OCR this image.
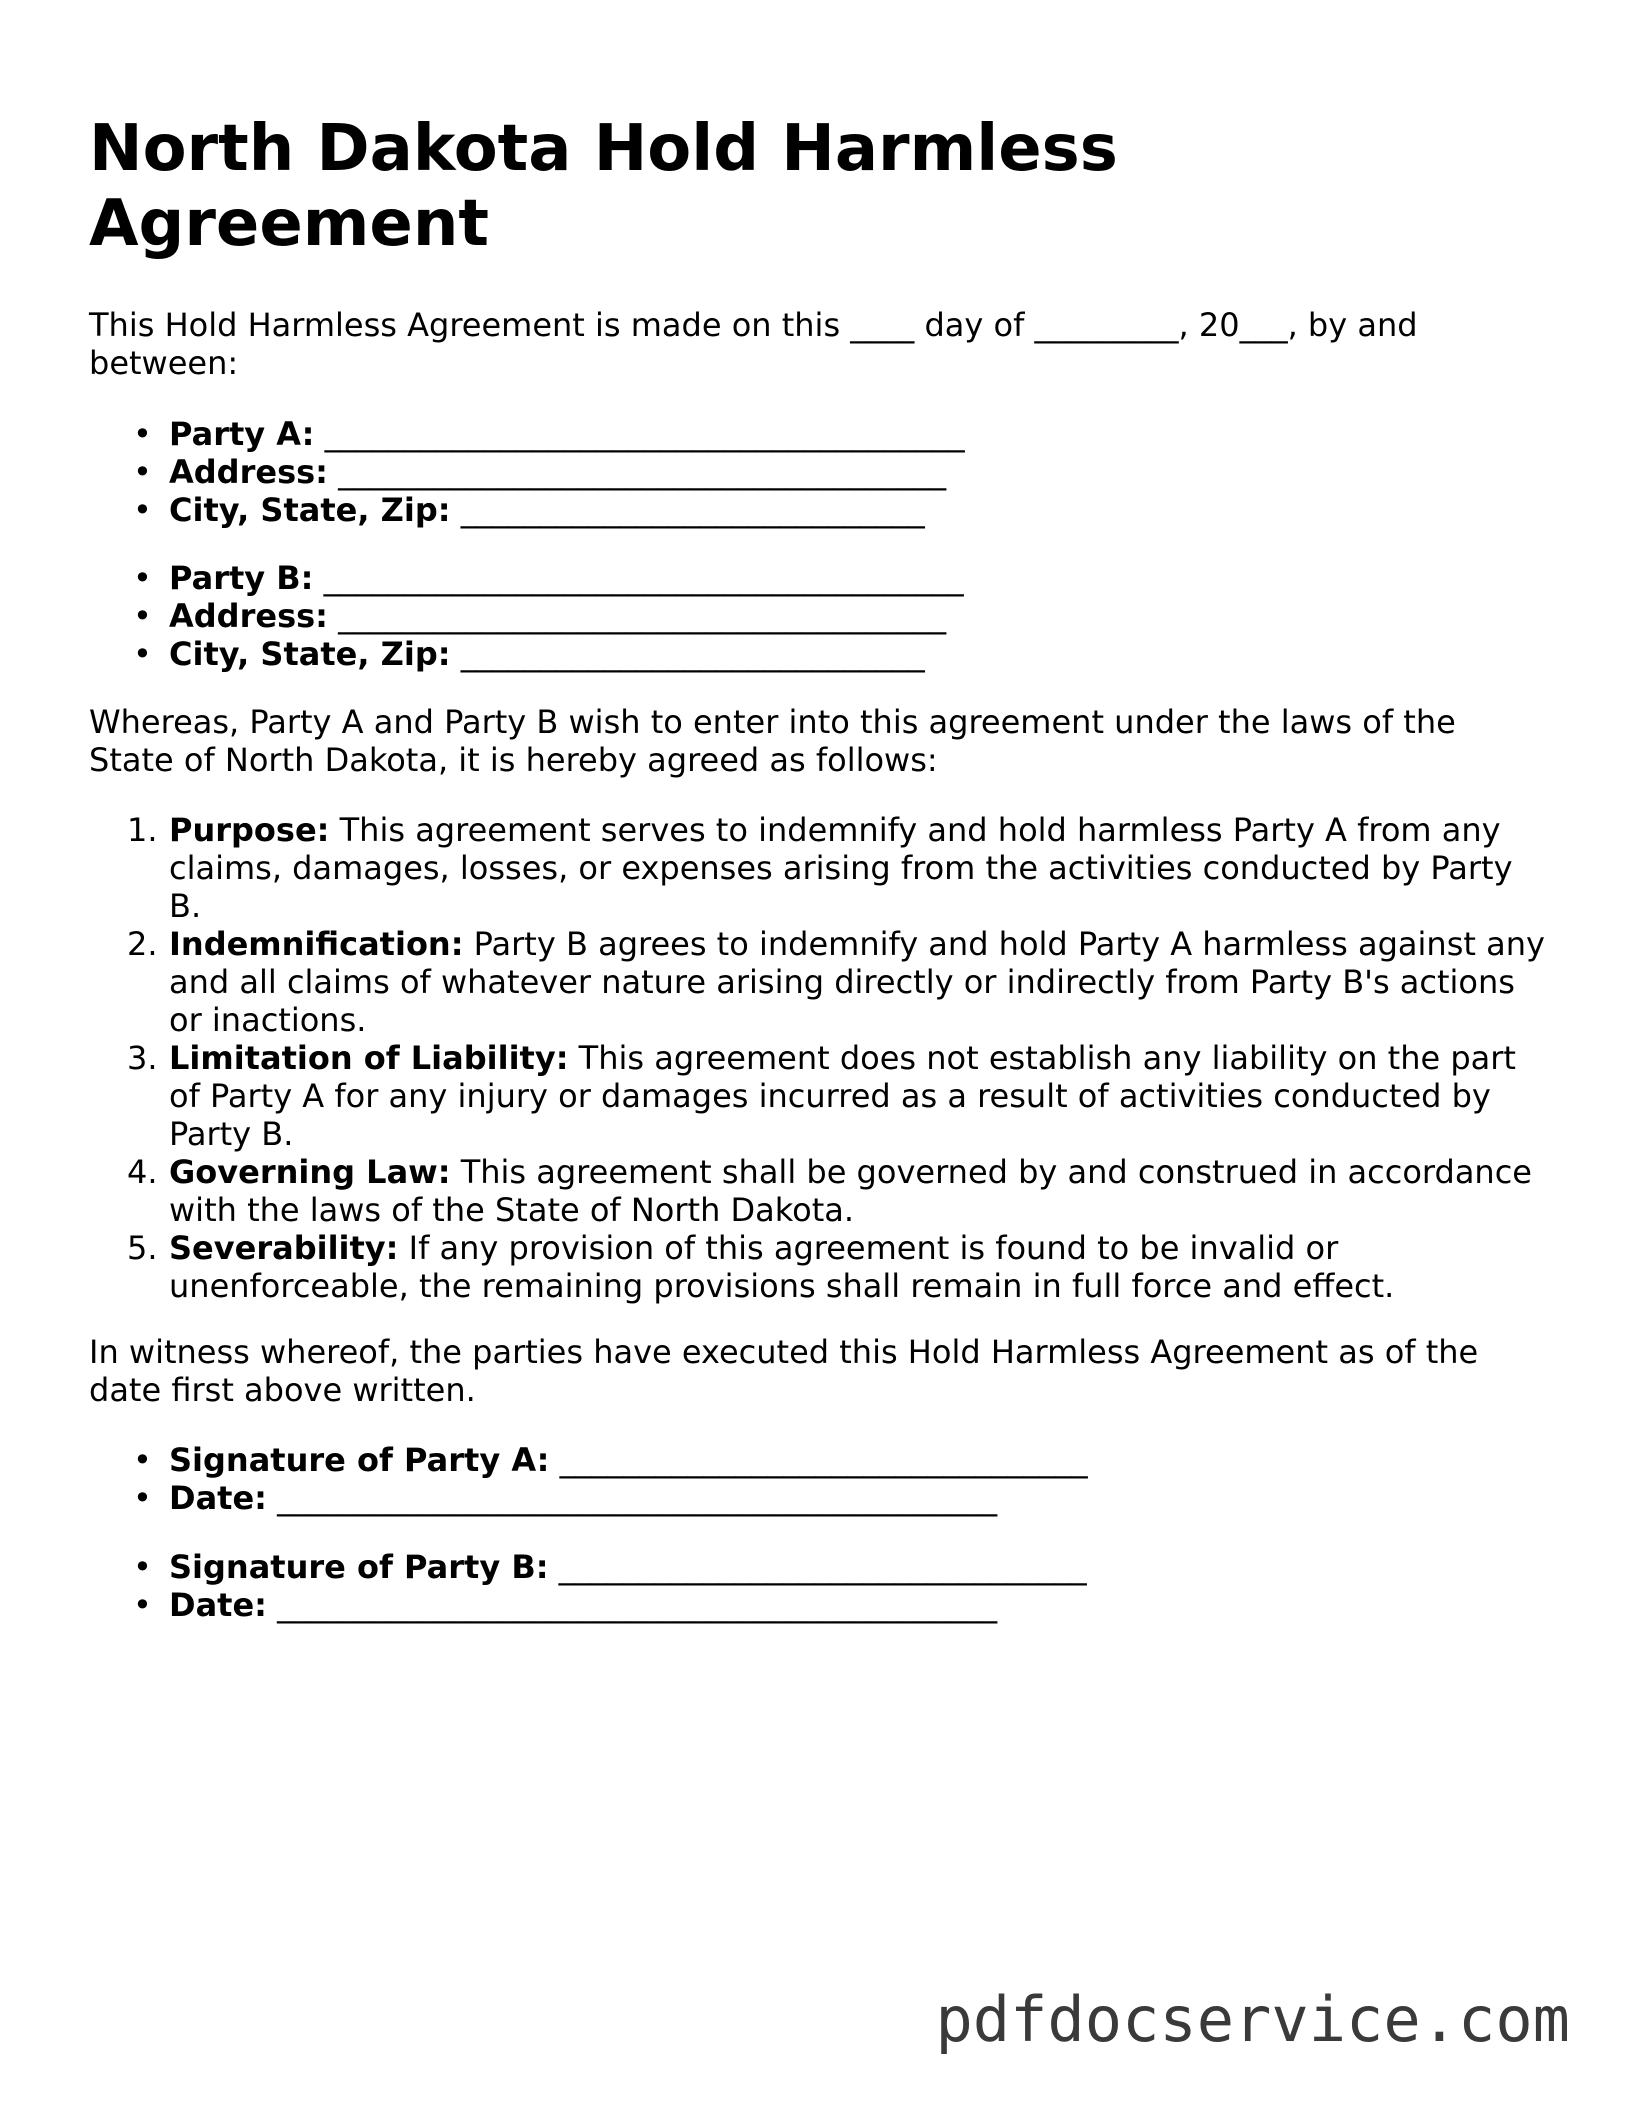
North Dakota Hold Harmless Agreement

This Hold Harmless Agreement is made on this ____ day of _________, 20___, by and between:

• Party A: ________________________________________
• Address: ______________________________________
• City, State, Zip: _____________________________
• Party B: ________________________________________
• Address: ______________________________________
• City, State, Zip: _____________________________

Whereas, Party A and Party B wish to enter into this agreement under the laws of the State of North Dakota, it is hereby agreed as follows:

1. Purpose: This agreement serves to indemnify and hold harmless Party A from any claims, damages, losses, or expenses arising from the activities conducted by Party B.
2. Indemnification: Party B agrees to indemnify and hold Party A harmless against any and all claims of whatever nature arising directly or indirectly from Party B's actions or inactions.
3. Limitation of Liability: This agreement does not establish any liability on the part of Party A for any injury or damages incurred as a result of activities conducted by Party B.
4. Governing Law: This agreement shall be governed by and construed in accordance with the laws of the State of North Dakota.
5. Severability: If any provision of this agreement is found to be invalid or unenforceable, the remaining provisions shall remain in full force and effect.

In witness whereof, the parties have executed this Hold Harmless Agreement as of the date first above written.

• Signature of Party A: _________________________________
• Date: _____________________________________________
• Signature of Party B: _________________________________
• Date: _____________________________________________
pdfdocservice.com
